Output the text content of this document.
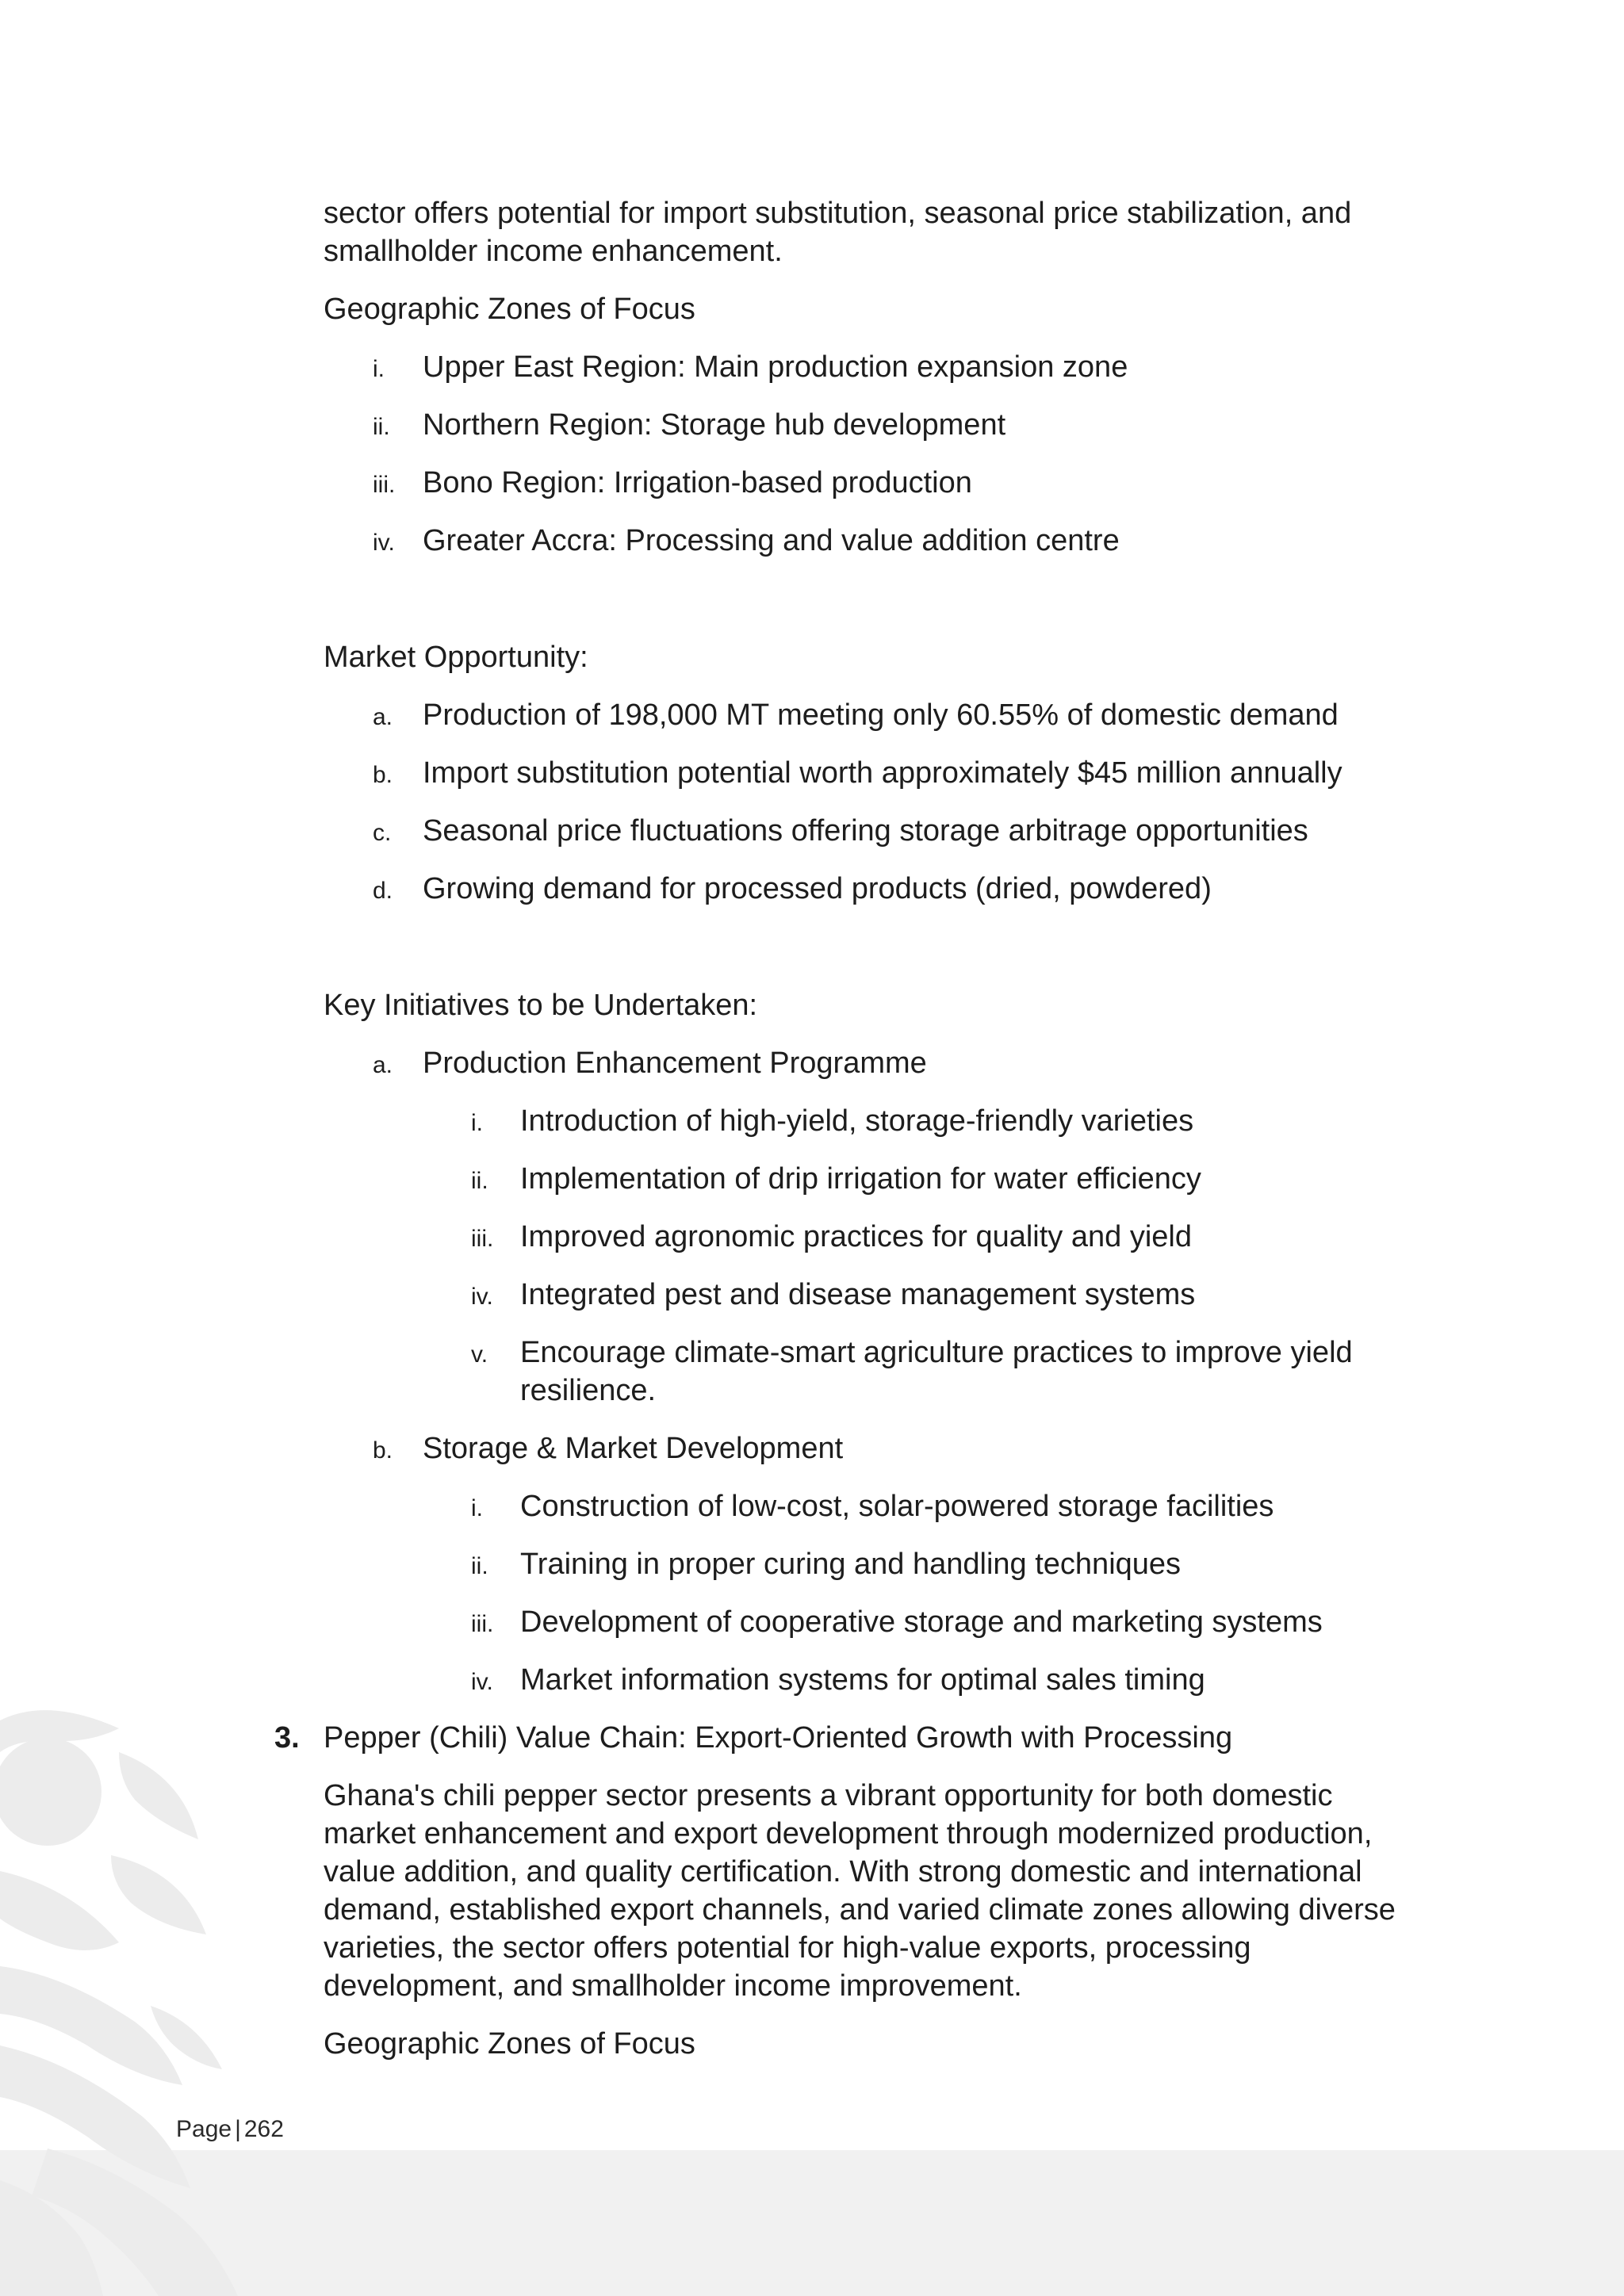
sector offers potential for import substitution, seasonal price stabilization, and smallholder income enhancement.

Geographic Zones of Focus
i. Upper East Region: Main production expansion zone
ii. Northern Region: Storage hub development
iii. Bono Region: Irrigation-based production
iv. Greater Accra: Processing and value addition centre
Market Opportunity:
a. Production of 198,000 MT meeting only 60.55% of domestic demand
b. Import substitution potential worth approximately $45 million annually
c. Seasonal price fluctuations offering storage arbitrage opportunities
d. Growing demand for processed products (dried, powdered)
Key Initiatives to be Undertaken:
a. Production Enhancement Programme
i. Introduction of high-yield, storage-friendly varieties
ii. Implementation of drip irrigation for water efficiency
iii. Improved agronomic practices for quality and yield
iv. Integrated pest and disease management systems
v. Encourage climate-smart agriculture practices to improve yield resilience.
b. Storage & Market Development
i. Construction of low-cost, solar-powered storage facilities
ii. Training in proper curing and handling techniques
iii. Development of cooperative storage and marketing systems
iv. Market information systems for optimal sales timing
3. Pepper (Chili) Value Chain: Export-Oriented Growth with Processing

Ghana's chili pepper sector presents a vibrant opportunity for both domestic market enhancement and export development through modernized production, value addition, and quality certification. With strong domestic and international demand, established export channels, and varied climate zones allowing diverse varieties, the sector offers potential for high-value exports, processing development, and smallholder income improvement.

Geographic Zones of Focus
Page | 262
